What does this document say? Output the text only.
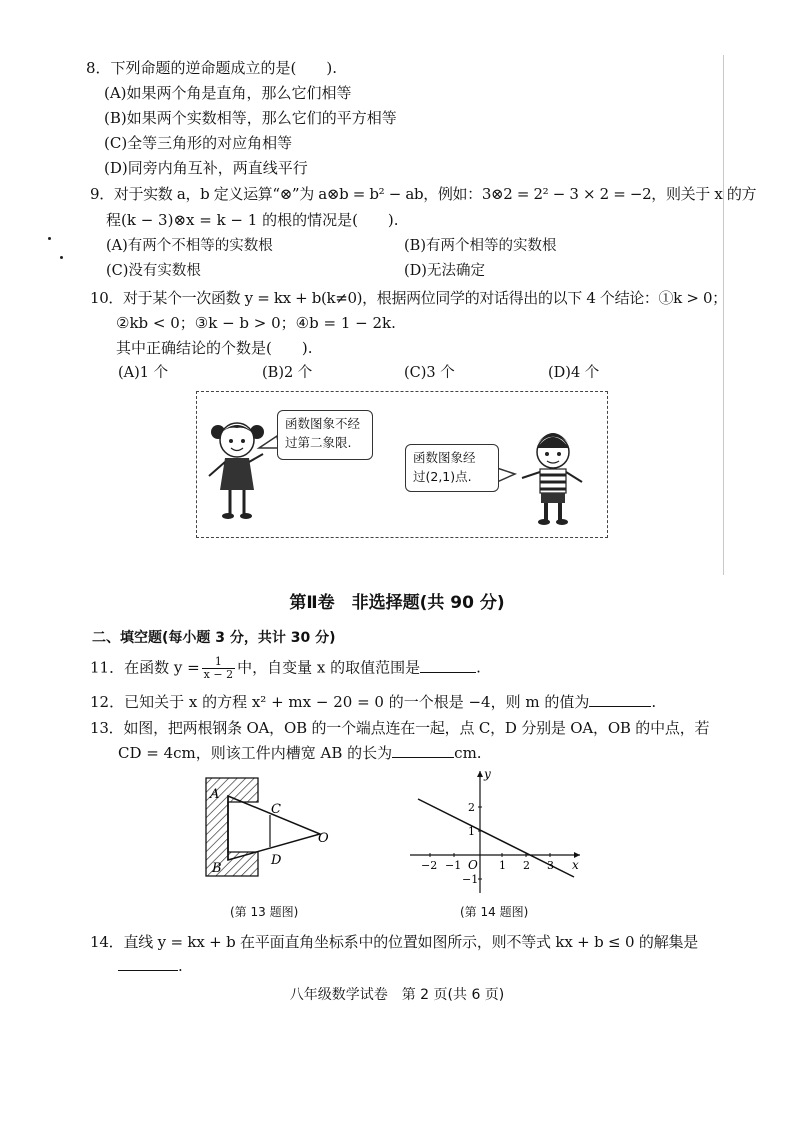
8．下列命题的逆命题成立的是(　　).
(A)如果两个角是直角，那么它们相等
(B)如果两个实数相等，那么它们的平方相等
(C)全等三角形的对应角相等
(D)同旁内角互补，两直线平行
9．对于实数 a，b 定义运算“⊗”为 a⊗b = b² − ab，例如：3⊗2 = 2² − 3 × 2 = −2，则关于 x 的方
程(k − 3)⊗x = k − 1 的根的情况是(　　).
(A)有两个不相等的实数根	(B)有两个相等的实数根
(C)没有实数根	(D)无法确定
10．对于某个一次函数 y = kx + b(k≠0)，根据两位同学的对话得出的以下 4 个结论：①k > 0；
②kb < 0；③k − b > 0；④b = 1 − 2k.
其中正确结论的个数是(　　).
(A)1 个	(B)2 个	(C)3 个	(D)4 个
函数图象不经
过第二象限.
函数图象经
过(2,1)点.
第Ⅱ卷　非选择题(共 90 分)
二、填空题(每小题 3 分，共计 30 分)
11．在函数 $y = \frac{1}{x - 2}$ 中，自变量 x 的取值范围是	.
12．已知关于 x 的方程 x² + mx − 20 = 0 的一个根是 −4，则 m 的值为	.
13．如图，把两根钢条 OA，OB 的一个端点连在一起，点 C，D 分别是 OA，OB 的中点，若
CD = 4cm，则该工件内槽宽 AB 的长为	cm.
A
B
C
D
O
(第 13 题图)
x
y
O
−2 −1	1 2 3
2
1
−1
(第 14 题图)
14．直线 y = kx + b 在平面直角坐标系中的位置如图所示，则不等式 kx + b ≤ 0 的解集是
.
八年级数学试卷　第 2 页(共 6 页)
